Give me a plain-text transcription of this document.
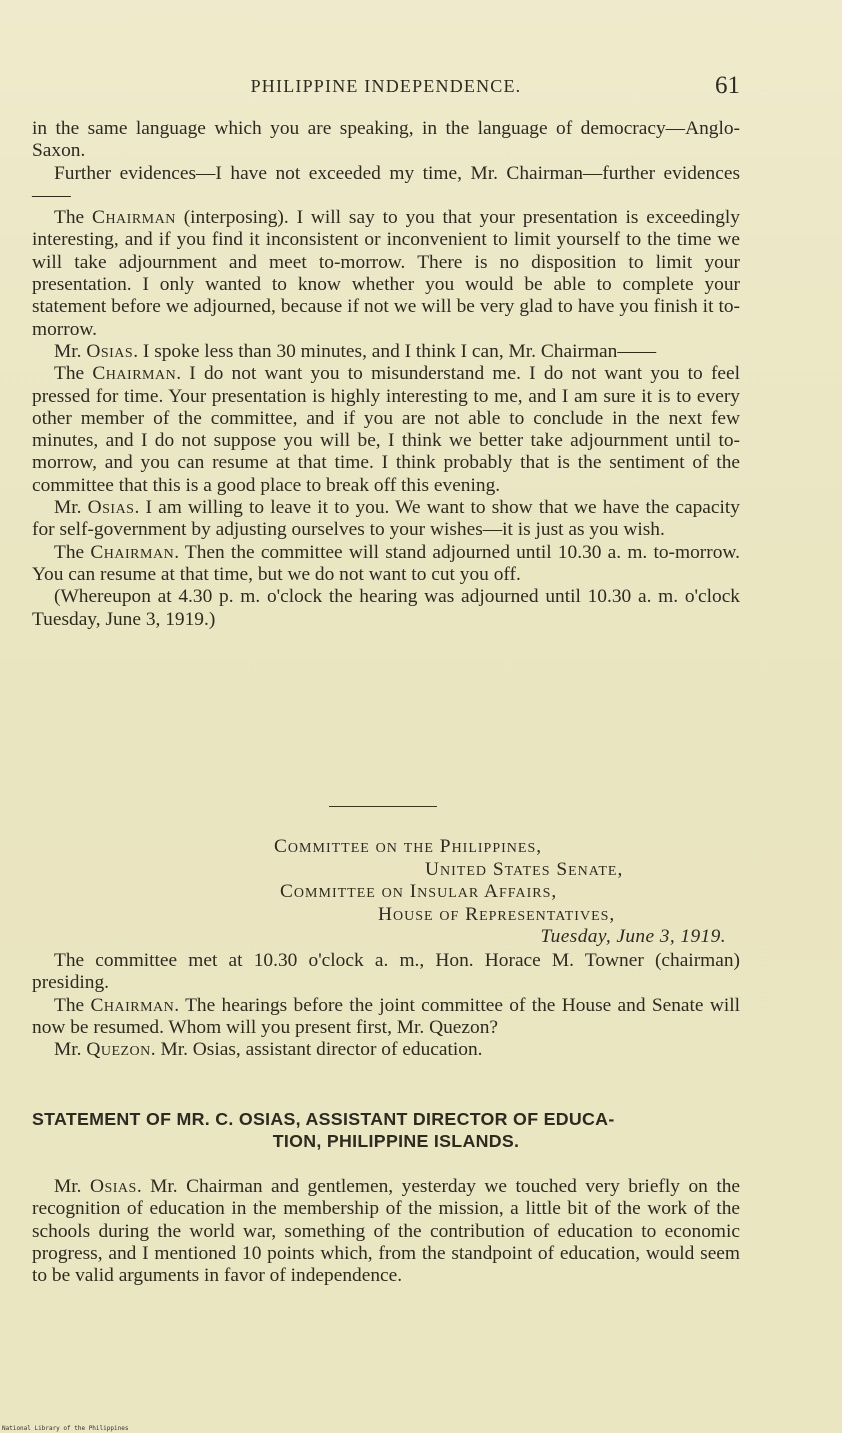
PHILIPPINE INDEPENDENCE.	61

in the same language which you are speaking, in the language of democracy—Anglo-Saxon.

Further evidences—I have not exceeded my time, Mr. Chairman—further evidences——

The Chairman (interposing). I will say to you that your presentation is exceedingly interesting, and if you find it inconsistent or inconvenient to limit yourself to the time we will take adjournment and meet to-morrow. There is no disposition to limit your presentation. I only wanted to know whether you would be able to complete your statement before we adjourned, because if not we will be very glad to have you finish it to-morrow.

Mr. Osias. I spoke less than 30 minutes, and I think I can, Mr. Chairman——

The Chairman. I do not want you to misunderstand me. I do not want you to feel pressed for time. Your presentation is highly interesting to me, and I am sure it is to every other member of the committee, and if you are not able to conclude in the next few minutes, and I do not suppose you will be, I think we better take adjournment until to-morrow, and you can resume at that time. I think probably that is the sentiment of the committee that this is a good place to break off this evening.

Mr. Osias. I am willing to leave it to you. We want to show that we have the capacity for self-government by adjusting ourselves to your wishes—it is just as you wish.

The Chairman. Then the committee will stand adjourned until 10.30 a. m. to-morrow. You can resume at that time, but we do not want to cut you off.

(Whereupon at 4.30 p. m. o'clock the hearing was adjourned until 10.30 a. m. o'clock Tuesday, June 3, 1919.)

Committee on the Philippines,
United States Senate,
Committee on Insular Affairs,
House of Representatives,
Tuesday, June 3, 1919.

The committee met at 10.30 o'clock a. m., Hon. Horace M. Towner (chairman) presiding.

The Chairman. The hearings before the joint committee of the House and Senate will now be resumed. Whom will you present first, Mr. Quezon?

Mr. Quezon. Mr. Osias, assistant director of education.

STATEMENT OF MR. C. OSIAS, ASSISTANT DIRECTOR OF EDUCA-
TION, PHILIPPINE ISLANDS.

Mr. Osias. Mr. Chairman and gentlemen, yesterday we touched very briefly on the recognition of education in the membership of the mission, a little bit of the work of the schools during the world war, something of the contribution of education to economic progress, and I mentioned 10 points which, from the standpoint of education, would seem to be valid arguments in favor of independence.

National Library of the Philippines
